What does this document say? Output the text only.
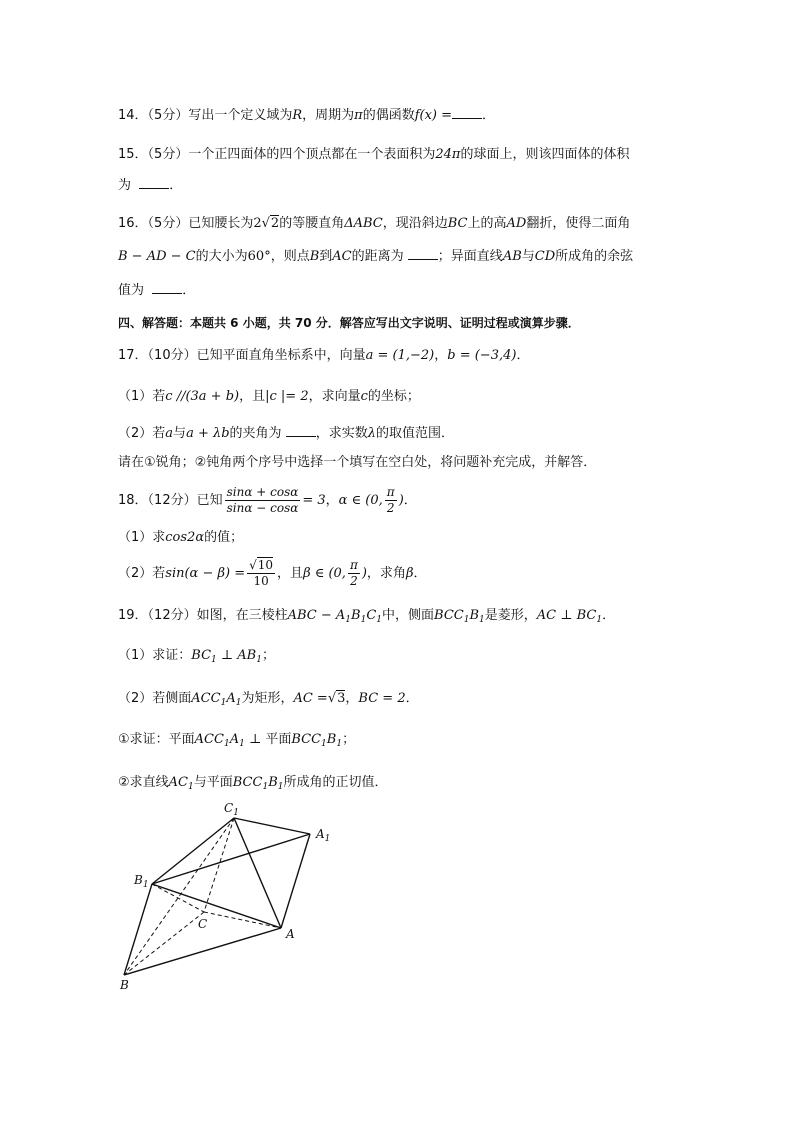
14．（5分）写出一个定义域为R，周期为π的偶函数f(x) = ．
15．（5分）一个正四面体的四个顶点都在一个表面积为24π的球面上，则该四面体的体积
为	．
16．（5分）已知腰长为2√2的等腰直角ΔABC，现沿斜边BC上的高AD翻折，使得二面角
B − AD − C的大小为60°，则点B到AC的距离为	；异面直线AB与CD所成角的余弦
值为	．
四、解答题：本题共 6 小题，共 70 分．解答应写出文字说明、证明过程或演算步骤．
17．（10分）已知平面直角坐标系中，向量a = (1,−2)，b = (−3,4)．
（1）若c //(3a + b)，且|c |= 2，求向量c的坐标；
（2）若a与a + λb的夹角为	，求实数λ的取值范围．
请在①锐角；②钝角两个序号中选择一个填写在空白处，将问题补充完成，并解答．
18．（12分）已知 $\frac{\sin\alpha + \cos\alpha}{\sin\alpha - \cos\alpha} = 3$，α ∈ (0, $\frac{\pi}{2}$ )．
（1）求cos2α的值；
（2）若$\sin(\alpha - \beta) = \frac{√10}{10}$ ，且β ∈ (0, $\frac{\pi}{2}$ )，求角β．
19．（12分）如图，在三棱柱ABC − $A_1B_1C_1$中，侧面$BCC_1B_1$是菱形，AC ⊥ $BC_1$．
（1）求证：$BC_1$ ⊥ $AB_1$；
（2）若侧面$ACC_1A_1$为矩形，AC =√3，BC = 2．
①求证：平面$ACC_1A_1$ ⊥ 平面$BCC_1B_1$；
②求直线$AC_1$与平面$BCC_1B_1$所成角的正切值．
$C_1$
$A_1$
$B_1$
C
A
B
